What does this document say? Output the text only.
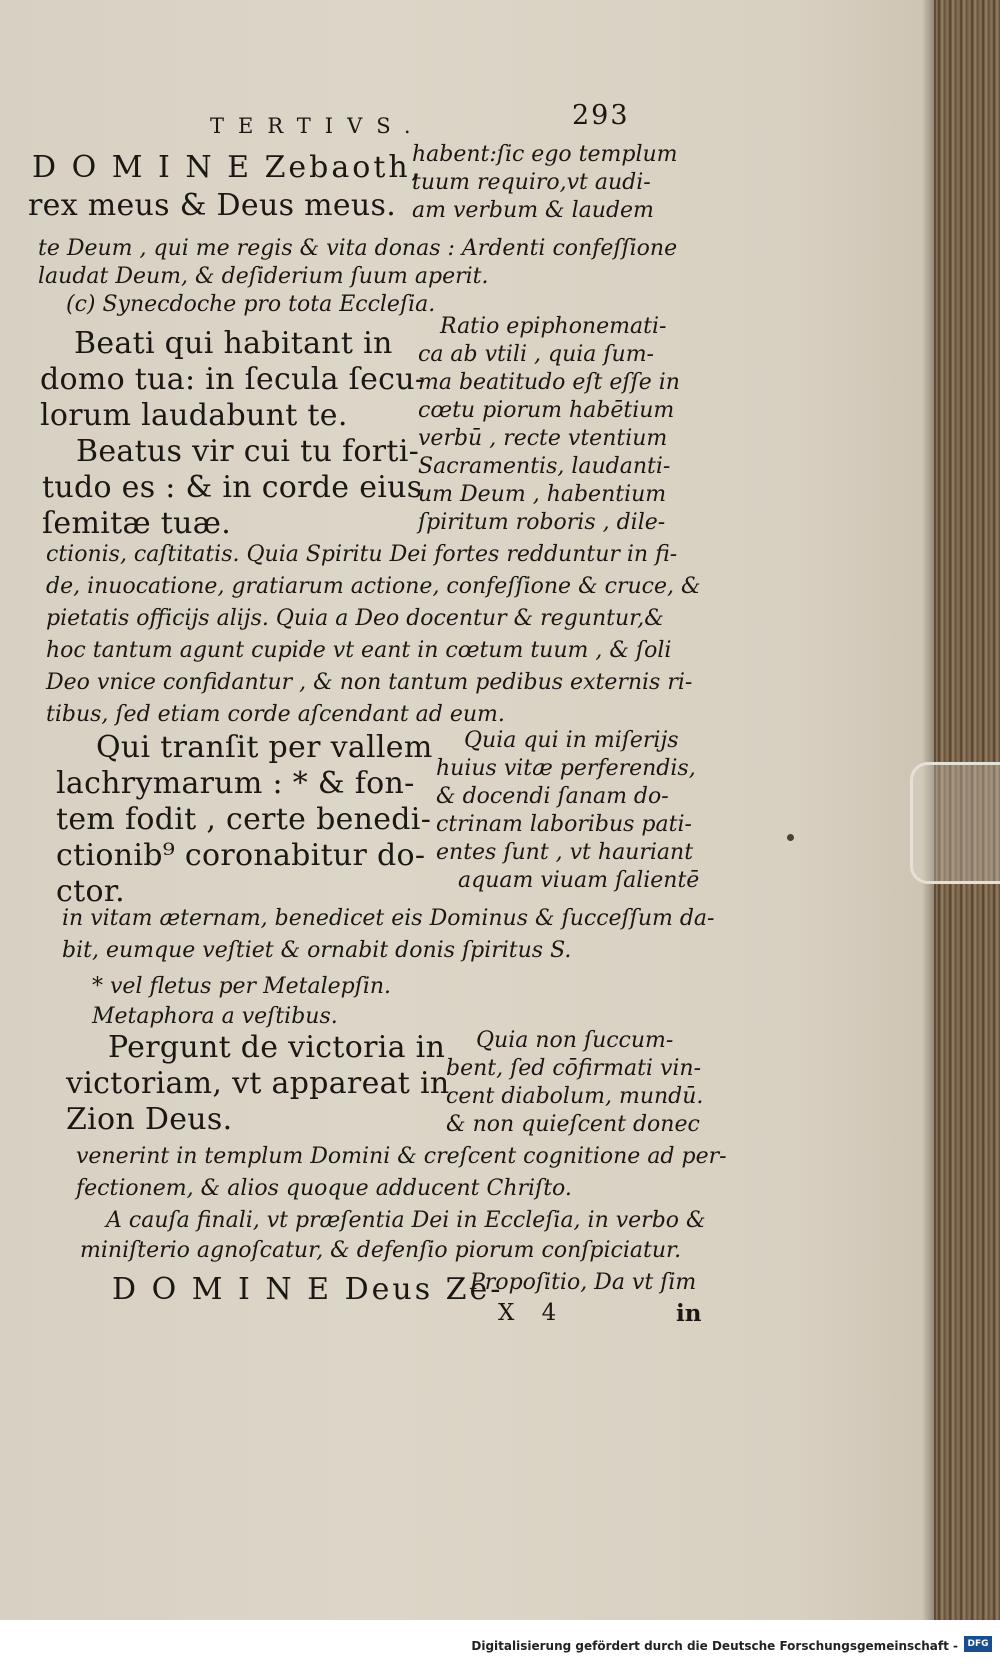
TERTIVS.	293
D O M I N E Zebaoth,
rex meus & Deus meus.
habent:ſic ego templum
tuum requiro,vt audi-
am verbum & laudem
te Deum , qui me regis & vita donas : Ardenti confeſſione
laudat Deum, & deſiderium ſuum aperit.
(c) Synecdoche pro tota Eccleſia.
Beati qui habitant in
domo tua: in ſecula ſecu-
lorum laudabunt te.
Beatus vir cui tu forti-
tudo es : & in corde eius
ſemitæ tuæ.
Ratio epiphonemati-
ca ab vtili , quia ſum-
ma beatitudo eſt eſſe in
cœtu piorum habētium
verbū , recte vtentium
Sacramentis, laudanti-
um Deum , habentium
ſpiritum roboris , dile-
ctionis, caſtitatis. Quia Spiritu Dei fortes redduntur in fi-
de, inuocatione, gratiarum actione, confeſſione & cruce, &
pietatis officijs alijs. Quia a Deo docentur & reguntur,&
hoc tantum agunt cupide vt eant in cœtum tuum , & ſoli
Deo vnice confidantur , & non tantum pedibus externis ri-
tibus, ſed etiam corde aſcendant ad eum.
Qui tranſit per vallem
lachrymarum : * & fon-
tem fodit , certe benedi-
ctionib⁹ coronabitur do-
ctor.
Quia qui in miſerijs
huius vitæ perferendis,
& docendi ſanam do-
ctrinam laboribus pati-
entes ſunt , vt hauriant
aquam viuam ſalientē
in vitam æternam, benedicet eis Dominus & ſucceſſum da-
bit, eumque veſtiet & ornabit donis ſpiritus S.
* vel fletus per Metalepſin.
Metaphora a veſtibus.
Pergunt de victoria in
victoriam, vt appareat in
Zion Deus.
Quia non ſuccum-
bent, ſed cōfirmati vin-
cent diabolum, mundū.
& non quieſcent donec
venerint in templum Domini & creſcent cognitione ad per-
fectionem, & alios quoque adducent Chriſto.
A cauſa finali, vt præſentia Dei in Eccleſia, in verbo &
miniſterio agnoſcatur, & defenſio piorum conſpiciatur.
D O M I N E Deus Ze-
Propoſitio, Da vt ſim
X 4	in
Digitalisierung gefördert durch die Deutsche Forschungsgemeinschaft -	DFG
